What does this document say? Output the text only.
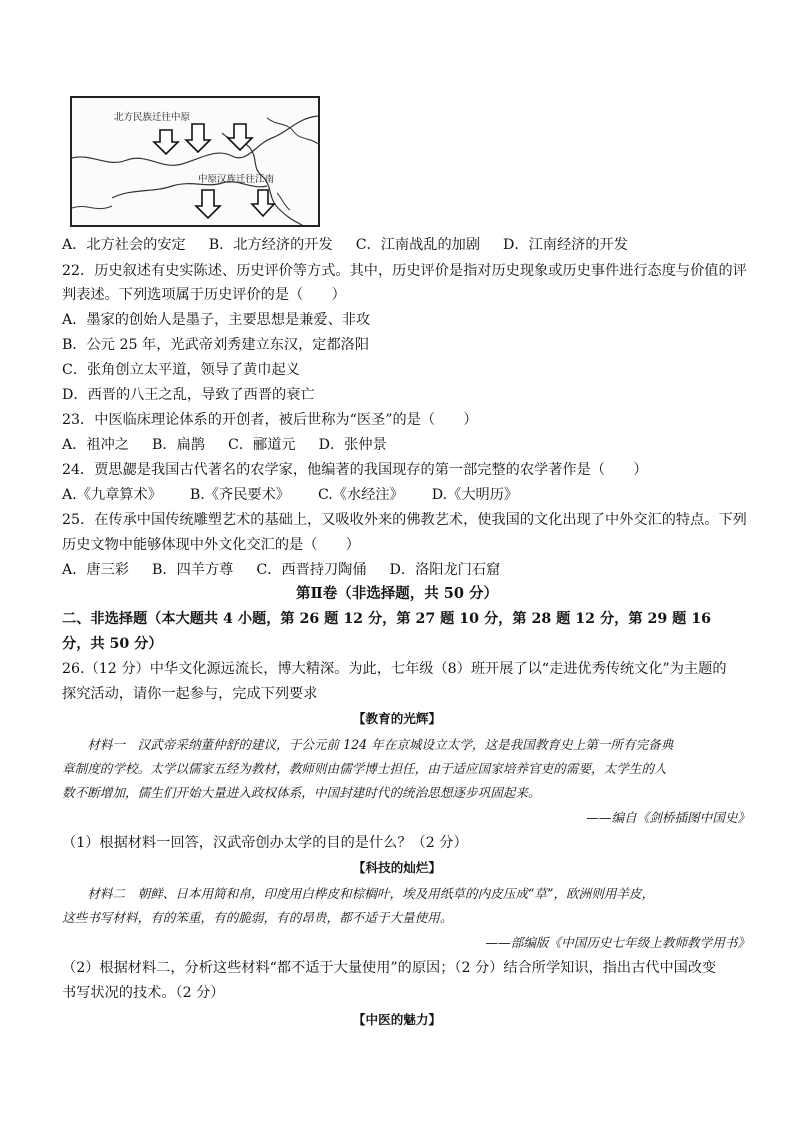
北方民族迁往中原
中原汉族迁往江南
A．北方社会的安定 B．北方经济的开发 C．江南战乱的加剧 D．江南经济的开发
22．历史叙述有史实陈述、历史评价等方式。其中，历史评价是指对历史现象或历史事件进行态度与价值的评
判表述。下列选项属于历史评价的是（　　）
A．墨家的创始人是墨子，主要思想是兼爱、非攻
B．公元 25 年，光武帝刘秀建立东汉，定都洛阳
C．张角创立太平道，领导了黄巾起义
D．西晋的八王之乱，导致了西晋的衰亡
23．中医临床理论体系的开创者，被后世称为“医圣”的是（　　）
A．祖冲之 B．扁鹊 C．郦道元 D．张仲景
24．贾思勰是我国古代著名的农学家，他编著的我国现存的第一部完整的农学著作是（　　）
A.《九章算术》 B.《齐民要术》 C.《水经注》 D.《大明历》
25．在传承中国传统雕塑艺术的基础上，又吸收外来的佛教艺术，使我国的文化出现了中外交汇的特点。下列
历史文物中能够体现中外文化交汇的是（　　）
A．唐三彩 B．四羊方尊 C．西晋持刀陶俑 D．洛阳龙门石窟
第Ⅱ卷（非选择题，共 50 分）
二、非选择题（本大题共 4 小题，第 26 题 12 分，第 27 题 10 分，第 28 题 12 分，第 29 题 16
分，共 50 分）
26.（12 分）中华文化源远流长，博大精深。为此，七年级（8）班开展了以“走进优秀传统文化”为主题的
探究活动，请你一起参与，完成下列要求
【教育的光辉】
　　材料一　汉武帝采纳董仲舒的建议，于公元前 124 年在京城设立太学，这是我国教育史上第一所有完备典
章制度的学校。太学以儒家五经为教材，教师则由儒学博士担任，由于适应国家培养官吏的需要，太学生的人
数不断增加，儒生们开始大量进入政权体系，中国封建时代的统治思想逐步巩固起来。
——编自《剑桥插图中国史》
（1）根据材料一回答，汉武帝创办太学的目的是什么？（2 分）
【科技的灿烂】
　　材料二　朝鲜、日本用简和帛，印度用白桦皮和棕榈叶，埃及用纸草的内皮压成“草”，欧洲则用羊皮，
这些书写材料，有的笨重，有的脆弱，有的昂贵，都不适于大量使用。
——部编版《中国历史七年级上教师教学用书》
（2）根据材料二，分析这些材料“都不适于大量使用”的原因；（2 分）结合所学知识，指出古代中国改变
书写状况的技术。（2 分）
【中医的魅力】
